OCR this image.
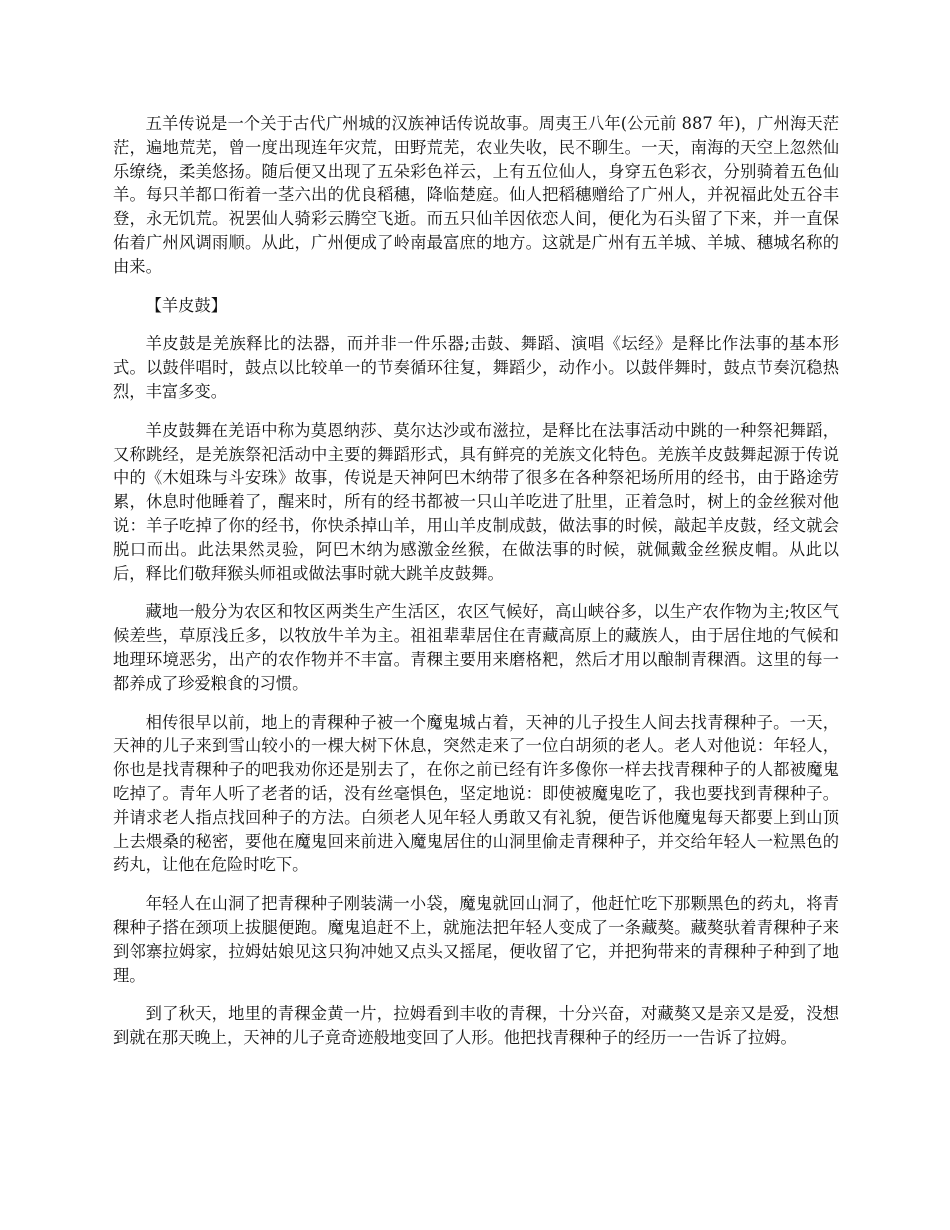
五羊传说是一个关于古代广州城的汉族神话传说故事。周夷王八年(公元前 887 年)，广州海天茫茫，遍地荒芜，曾一度出现连年灾荒，田野荒芜，农业失收，民不聊生。一天，南海的天空上忽然仙乐缭绕，柔美悠扬。随后便又出现了五朵彩色祥云，上有五位仙人，身穿五色彩衣，分别骑着五色仙羊。每只羊都口衔着一茎六出的优良稻穗，降临楚庭。仙人把稻穗赠给了广州人，并祝福此处五谷丰登，永无饥荒。祝罢仙人骑彩云腾空飞逝。而五只仙羊因依恋人间，便化为石头留了下来，并一直保佑着广州风调雨顺。从此，广州便成了岭南最富庶的地方。这就是广州有五羊城、羊城、穗城名称的由来。

【羊皮鼓】

羊皮鼓是羌族释比的法器，而并非一件乐器;击鼓、舞蹈、演唱《坛经》是释比作法事的基本形式。以鼓伴唱时，鼓点以比较单一的节奏循环往复，舞蹈少，动作小。以鼓伴舞时，鼓点节奏沉稳热烈，丰富多变。

羊皮鼓舞在羌语中称为莫恩纳莎、莫尔达沙或布滋拉，是释比在法事活动中跳的一种祭祀舞蹈，又称跳经，是羌族祭祀活动中主要的舞蹈形式，具有鲜亮的羌族文化特色。羌族羊皮鼓舞起源于传说中的《木姐珠与斗安珠》故事，传说是天神阿巴木纳带了很多在各种祭祀场所用的经书，由于路途劳累，休息时他睡着了，醒来时，所有的经书都被一只山羊吃进了肚里，正着急时，树上的金丝猴对他说：羊子吃掉了你的经书，你快杀掉山羊，用山羊皮制成鼓，做法事的时候，敲起羊皮鼓，经文就会脱口而出。此法果然灵验，阿巴木纳为感激金丝猴，在做法事的时候，就佩戴金丝猴皮帽。从此以后，释比们敬拜猴头师祖或做法事时就大跳羊皮鼓舞。

藏地一般分为农区和牧区两类生产生活区，农区气候好，高山峡谷多，以生产农作物为主;牧区气候差些，草原浅丘多，以牧放牛羊为主。祖祖辈辈居住在青藏高原上的藏族人，由于居住地的气候和地理环境恶劣，出产的农作物并不丰富。青稞主要用来磨格粑，然后才用以酿制青稞酒。这里的每一都养成了珍爱粮食的习惯。

相传很早以前，地上的青稞种子被一个魔鬼城占着，天神的儿子投生人间去找青稞种子。一天，天神的儿子来到雪山较小的一棵大树下休息，突然走来了一位白胡须的老人。老人对他说：年轻人，你也是找青稞种子的吧我劝你还是别去了，在你之前已经有许多像你一样去找青稞种子的人都被魔鬼吃掉了。青年人听了老者的话，没有丝毫惧色，坚定地说：即使被魔鬼吃了，我也要找到青稞种子。并请求老人指点找回种子的方法。白须老人见年轻人勇敢又有礼貌，便告诉他魔鬼每天都要上到山顶上去煨桑的秘密，要他在魔鬼回来前进入魔鬼居住的山洞里偷走青稞种子，并交给年轻人一粒黑色的药丸，让他在危险时吃下。

年轻人在山洞了把青稞种子刚装满一小袋，魔鬼就回山洞了，他赶忙吃下那颗黑色的药丸，将青稞种子搭在颈项上拔腿便跑。魔鬼追赶不上，就施法把年轻人变成了一条藏獒。藏獒驮着青稞种子来到邻寨拉姆家，拉姆姑娘见这只狗冲她又点头又摇尾，便收留了它，并把狗带来的青稞种子种到了地理。

到了秋天，地里的青稞金黄一片，拉姆看到丰收的青稞，十分兴奋，对藏獒又是亲又是爱，没想到就在那天晚上，天神的儿子竟奇迹般地变回了人形。他把找青稞种子的经历一一告诉了拉姆。
